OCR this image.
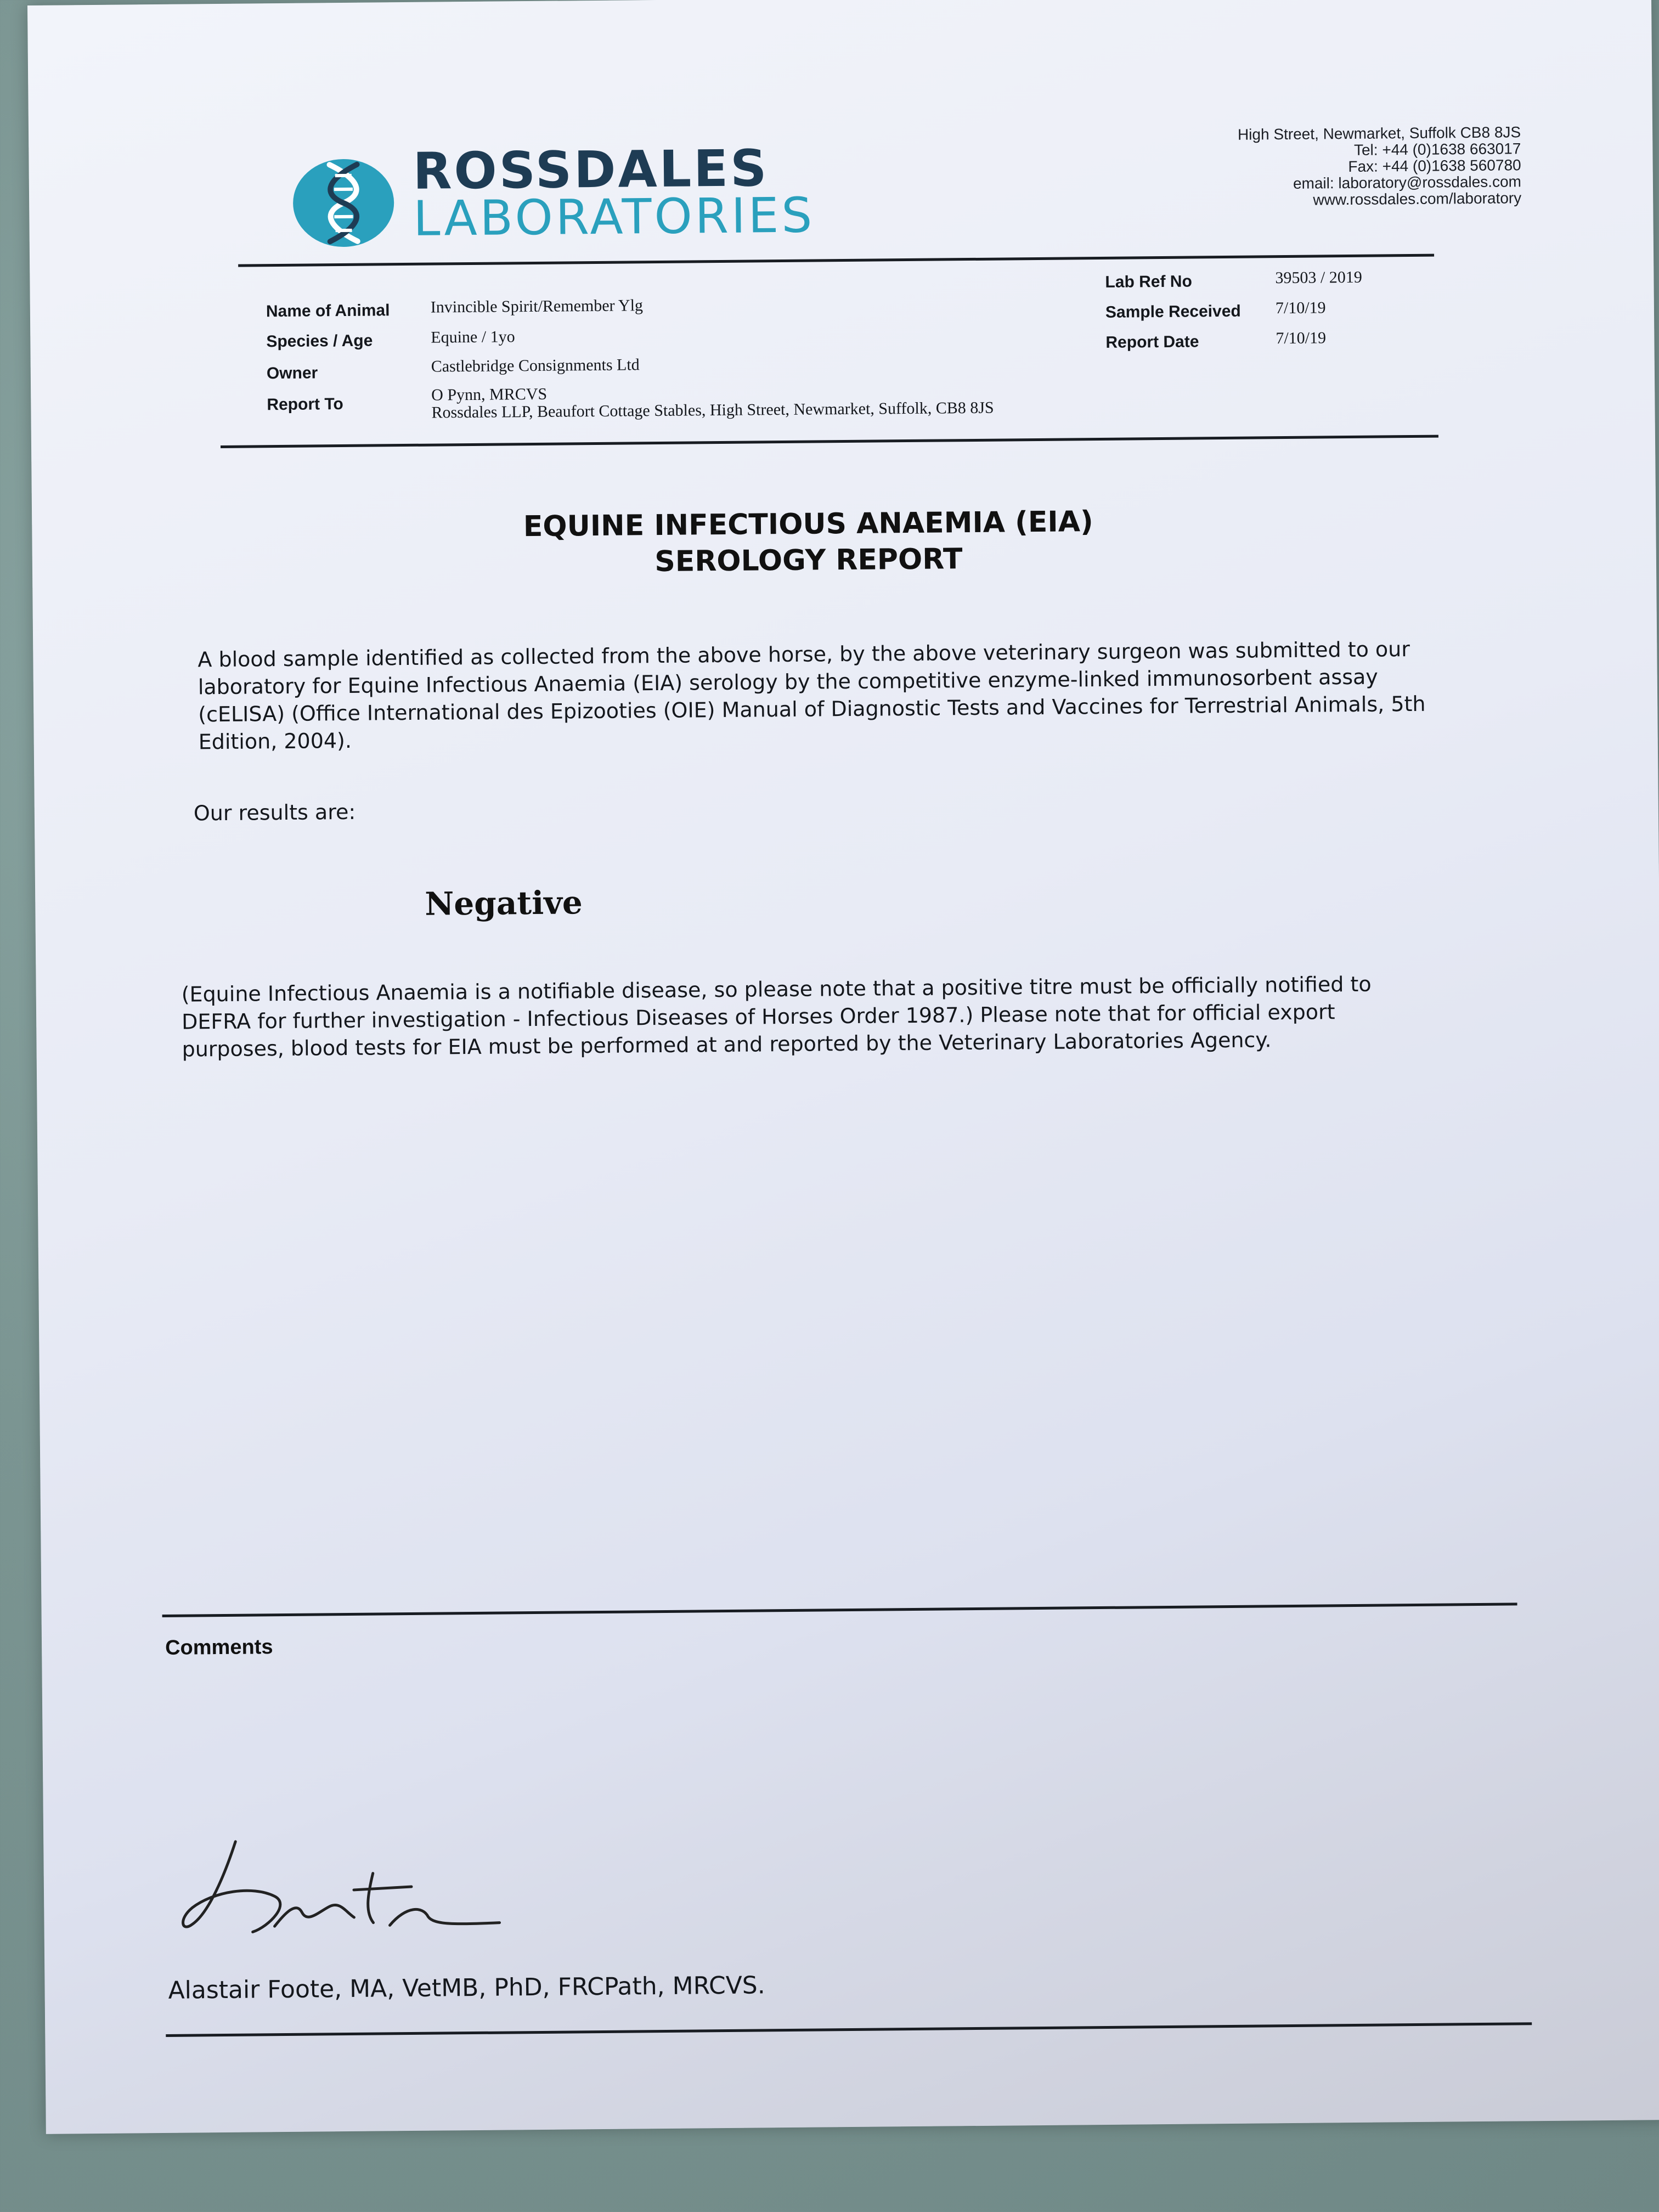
ROSSDALES
LABORATORIES
High Street, Newmarket, Suffolk CB8 8JS
Tel: +44 (0)1638 663017
Fax: +44 (0)1638 560780
email: laboratory@rossdales.com
www.rossdales.com/laboratory
Name of Animal Invincible Spirit/Remember Ylg
Species / Age	Equine / 1yo
Owner	Castlebridge Consignments Ltd
Report To
O Pynn, MRCVS
Rossdales LLP, Beaufort Cottage Stables, High Street, Newmarket, Suffolk, CB8 8JS
Lab Ref No	39503 / 2019
Sample Received 7/10/19
Report Date	7/10/19
EQUINE INFECTIOUS ANAEMIA (EIA)
SEROLOGY REPORT
A blood sample identified as collected from the above horse, by the above veterinary surgeon was submitted to our
laboratory for Equine Infectious Anaemia (EIA) serology by the competitive enzyme-linked immunosorbent assay
(cELISA) (Office International des Epizooties (OIE) Manual of Diagnostic Tests and Vaccines for Terrestrial Animals, 5th
Edition, 2004).
Our results are:
Negative
(Equine Infectious Anaemia is a notifiable disease, so please note that a positive titre must be officially notified to
DEFRA for further investigation - Infectious Diseases of Horses Order 1987.) Please note that for official export
purposes, blood tests for EIA must be performed at and reported by the Veterinary Laboratories Agency.
Comments
Alastair Foote, MA, VetMB, PhD, FRCPath, MRCVS.
